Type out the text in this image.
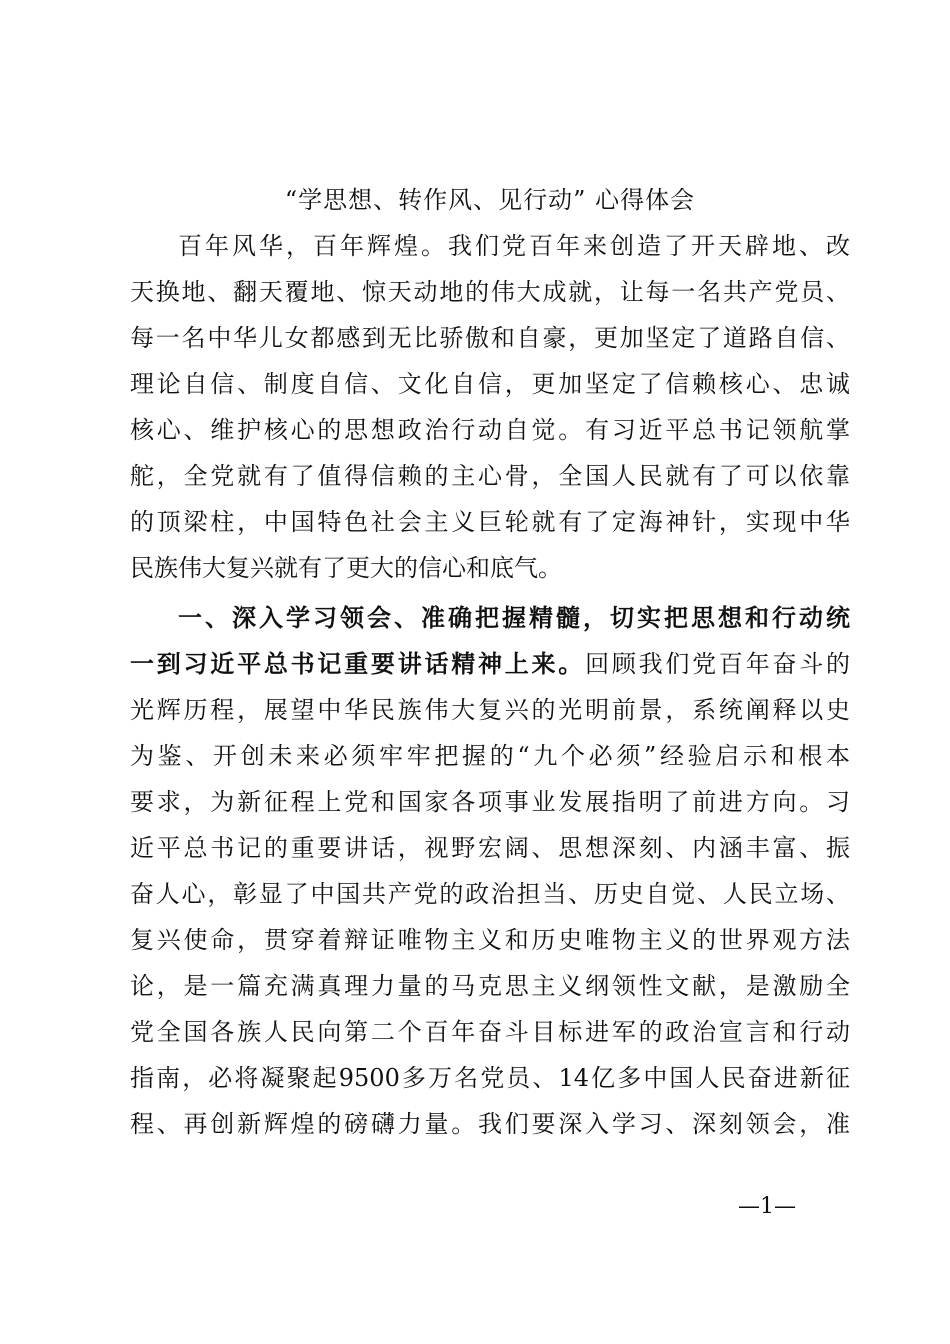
“学思想、转作风、见行动” 心得体会
百年风华，百年辉煌。我们党百年来创造了开天辟地、改
天换地、翻天覆地、惊天动地的伟大成就，让每一名共产党员、
每一名中华儿女都感到无比骄傲和自豪，更加坚定了道路自信、
理论自信、制度自信、文化自信，更加坚定了信赖核心、忠诚
核心、维护核心的思想政治行动自觉。有习近平总书记领航掌
舵，全党就有了值得信赖的主心骨，全国人民就有了可以依靠
的顶梁柱，中国特色社会主义巨轮就有了定海神针，实现中华
民族伟大复兴就有了更大的信心和底气。
一、深入学习领会、准确把握精髓，切实把思想和行动统
一到习近平总书记重要讲话精神上来。回顾我们党百年奋斗的
光辉历程，展望中华民族伟大复兴的光明前景，系统阐释以史
为鉴、开创未来必须牢牢把握的“九个必须”经验启示和根本
要求，为新征程上党和国家各项事业发展指明了前进方向。习
近平总书记的重要讲话，视野宏阔、思想深刻、内涵丰富、振
奋人心，彰显了中国共产党的政治担当、历史自觉、人民立场、
复兴使命，贯穿着辩证唯物主义和历史唯物主义的世界观方法
论，是一篇充满真理力量的马克思主义纲领性文献，是激励全
党全国各族人民向第二个百年奋斗目标进军的政治宣言和行动
指南，必将凝聚起9500多万名党员、14亿多中国人民奋进新征
程、再创新辉煌的磅礴力量。我们要深入学习、深刻领会，准
—1—
